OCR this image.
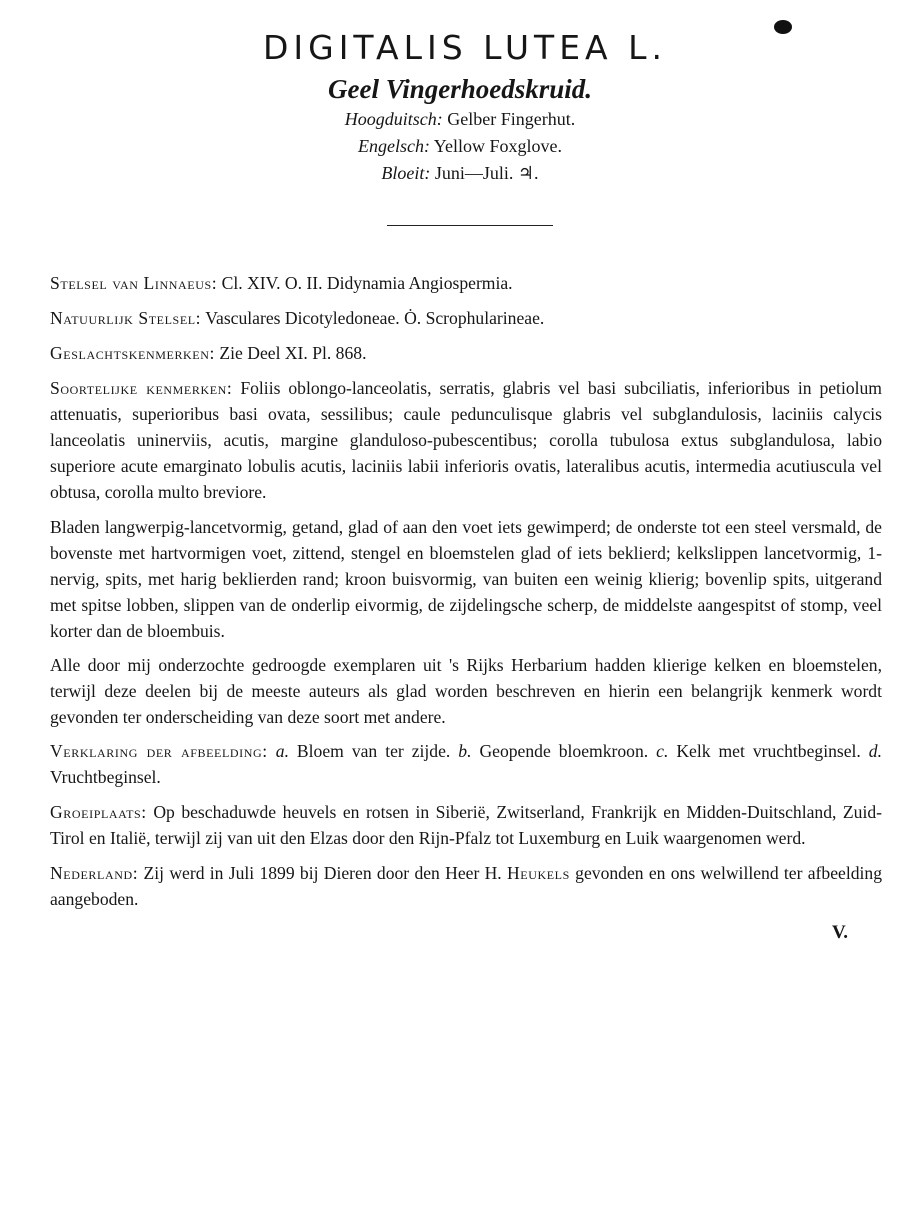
DIGITALIS LUTEA L.

Geel Vingerhoedskruid.

Hoogduitsch: Gelber Fingerhut.

Engelsch: Yellow Foxglove.

Bloeit: Juni—Juli. ♃.

Stelsel van Linnaeus: Cl. XIV. O. II. Didynamia Angiospermia.

Natuurlijk Stelsel: Vasculares Dicotyledoneae. Ȯ. Scrophularineae.

Geslachtskenmerken: Zie Deel XI. Pl. 868.

Soortelijke kenmerken: Foliis oblongo-lanceolatis, serratis, glabris vel basi subciliatis, inferioribus in petiolum attenuatis, superioribus basi ovata, sessilibus; caule pedunculisque glabris vel subglandulosis, laciniis calycis lanceolatis uninerviis, acutis, margine glanduloso-pubescentibus; corolla tubulosa extus subglandulosa, labio superiore acute emarginato lobulis acutis, laciniis labii inferioris ovatis, lateralibus acutis, intermedia acutiuscula vel obtusa, corolla multo breviore.

Bladen langwerpig-lancetvormig, getand, glad of aan den voet iets gewimperd; de onderste tot een steel versmald, de bovenste met hartvormigen voet, zittend, stengel en bloemstelen glad of iets beklierd; kelkslippen lancetvormig, 1-nervig, spits, met harig beklierden rand; kroon buisvormig, van buiten een weinig klierig; bovenlip spits, uitgerand met spitse lobben, slippen van de onderlip eivormig, de zijdelingsche scherp, de middelste aangespitst of stomp, veel korter dan de bloembuis.

Alle door mij onderzochte gedroogde exemplaren uit 's Rijks Herbarium hadden klierige kelken en bloemstelen, terwijl deze deelen bij de meeste auteurs als glad worden beschreven en hierin een belangrijk kenmerk wordt gevonden ter onderscheiding van deze soort met andere.

Verklaring der afbeelding: a. Bloem van ter zijde. b. Geopende bloemkroon. c. Kelk met vruchtbeginsel. d. Vruchtbeginsel.

Groeiplaats: Op beschaduwde heuvels en rotsen in Siberië, Zwitserland, Frankrijk en Midden-Duitschland, Zuid-Tirol en Italië, terwijl zij van uit den Elzas door den Rijn-Pfalz tot Luxemburg en Luik waargenomen werd.

Nederland: Zij werd in Juli 1899 bij Dieren door den Heer H. Heukels gevonden en ons welwillend ter afbeelding aangeboden.

V.
